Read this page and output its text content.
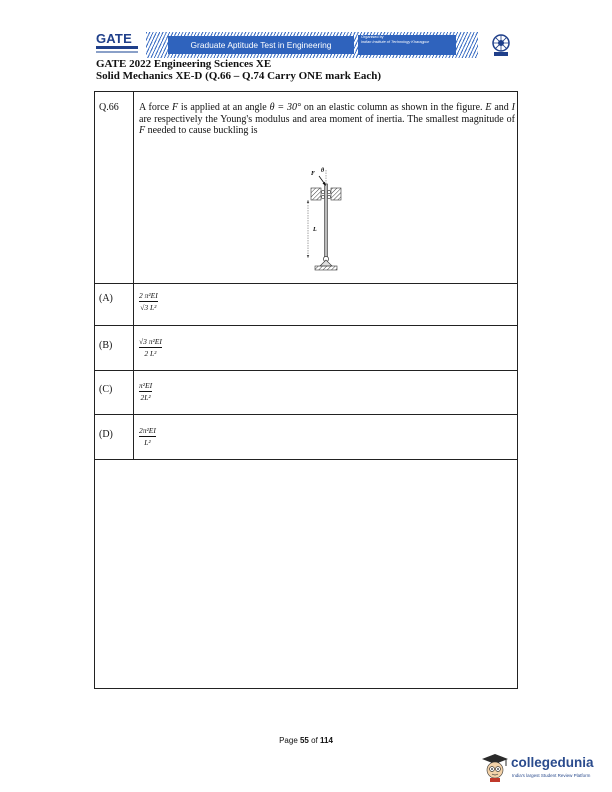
GATE	Graduate Aptitude Test in Engineering
Organised by
Indian Institute of Technology Kharagpur
GATE 2022 Engineering Sciences XE
Solid Mechanics XE-D (Q.66 – Q.74 Carry ONE mark Each)
Q.66 A force F is applied at an angle θ = 30° on an elastic column as shown in the figure. E and I are respectively the Young's modulus and area moment of inertia. The smallest magnitude of F needed to cause buckling is
F θ
L
(A)	2 π²EI
√3 L²
(B)	√3 π²EI
2 L²
(C)	π²EI
2L²
(D)	2π²EI
L²
Page 55 of 114
collegedunia
India's largest Student Review Platform
